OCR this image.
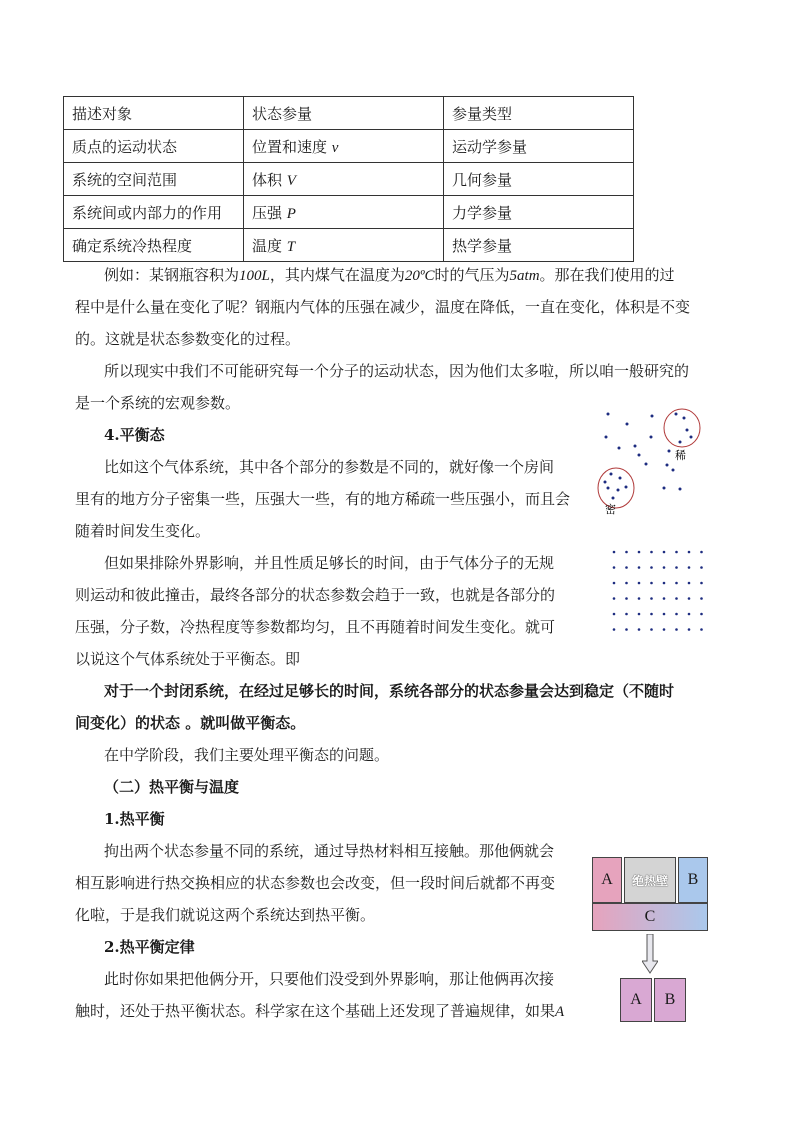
描述对象	状态参量	参量类型
质点的运动状态	位置和速度 v	运动学参量
系统的空间范围	体积 V	几何参量
系统间或内部力的作用	压强 P	力学参量
确定系统冷热程度	温度 T	热学参量
例如：某钢瓶容积为100L，其内煤气在温度为20ºC时的气压为5atm。那在我们使用的过
程中是什么量在变化了呢？钢瓶内气体的压强在减少，温度在降低，一直在变化，体积是不变
的。这就是状态参数变化的过程。
所以现实中我们不可能研究每一个分子的运动状态，因为他们太多啦，所以咱一般研究的
是一个系统的宏观参数。
4.平衡态
比如这个气体系统，其中各个部分的参数是不同的，就好像一个房间
里有的地方分子密集一些，压强大一些，有的地方稀疏一些压强小，而且会
随着时间发生变化。
稀
密
但如果排除外界影响，并且性质足够长的时间，由于气体分子的无规
则运动和彼此撞击，最终各部分的状态参数会趋于一致，也就是各部分的
压强，分子数，冷热程度等参数都均匀，且不再随着时间发生变化。就可
以说这个气体系统处于平衡态。即
对于一个封闭系统，在经过足够长的时间，系统各部分的状态参量会达到稳定（不随时
间变化）的状态 。就叫做平衡态。
在中学阶段，我们主要处理平衡态的问题。
（二）热平衡与温度
1.热平衡
拘出两个状态参量不同的系统，通过导热材料相互接触。那他俩就会
相互影响进行热交换相应的状态参数也会改变，但一段时间后就都不再变
化啦，于是我们就说这两个系统达到热平衡。
2.热平衡定律
此时你如果把他俩分开，只要他们没受到外界影响，那让他俩再次接
触时，还处于热平衡状态。科学家在这个基础上还发现了普遍规律，如果A
A	绝热壁	B
C
A	B
